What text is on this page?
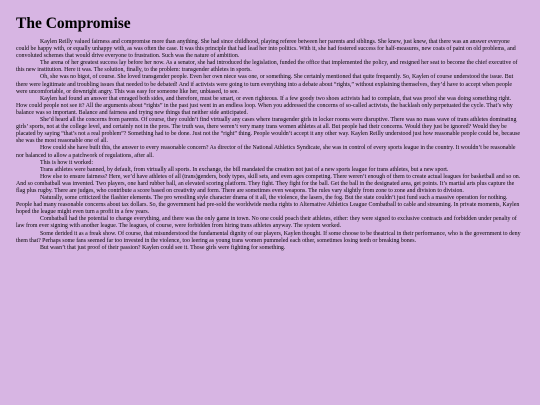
The Compromise

Kaylen Reilly valued fairness and compromise more than anything. She had since childhood, playing referee between her parents and siblings. She knew, just knew, that there was an answer everyone could be happy with, or equally unhappy with, as was often the case. It was this principle that had lead her into politics. With it, she had fostered success for half-measures, new coats of paint on old problems, and convoluted schemes that would drive everyone to frustration. Such was the nature of ambition.

The arena of her greatest success lay before her now. As a senator, she had introduced the legislation, funded the office that implemented the policy, and resigned her seat to become the chief executive of this new institution. Here it was. The solution, finally, to the problem: transgender athletes in sports.

Oh, she was no bigot, of course. She loved transgender people. Even her own niece was one, or something. She certainly mentioned that quite frequently. So, Kaylen of course understood the issue. But there were legitimate and troubling issues that needed to be debated! And if activists were going to turn everything into a debate about “rights,” without explaining themselves, they’d have to accept when people were uncomfortable, or downright angry. This was easy for someone like her, unbiased, to see.

Kaylen had found an answer that enraged both sides, and therefore, must be smart, or even righteous. If a few goody two shoes activists had to complain, that was proof she was doing something right. How could people not see it? All the arguments about “rights” in the past just went in an endless loop. When you addressed the concerns of so-called activists, the backlash only perpetuated the cycle. That’s why balance was so important. Balance and fairness and trying new things that neither side anticipated.

She’d heard all the concerns from parents. Of course, they couldn’t find virtually any cases where transgender girls in locker rooms were disruptive. There was no mass wave of trans athletes dominating girls’ sports, not at the college level, and certainly not in the pros. The truth was, there weren’t very many trans women athletes at all. But people had their concerns. Would they just be ignored? Would they be placated by saying “that’s not a real problem”? Something had to be done. Just not the “right” thing. People wouldn’t accept it any other way. Kaylen Reilly understood just how reasonable people could be, because she was the most reasonable one of all.

How could she have built this, the answer to every reasonable concern? As director of the National Athletics Syndicate, she was in control of every sports league in the country. It wouldn’t be reasonable nor balanced to allow a patchwork of regulations, after all.

This is how it worked:

Trans athletes were banned, by default, from virtually all sports. In exchange, the bill mandated the creation not just of a new sports league for trans athletes, but a new sport.

How else to ensure fairness? Here, we’d have athletes of all (trans)genders, body types, skill sets, and even ages competing. There weren’t enough of them to create actual leagues for basketball and so on. And so combatball was invented. Two players, one hard rubber ball, an elevated scoring platform. They fight. They fight for the ball. Get the ball in the designated area, get points. It’s martial arts plus capture the flag plus rugby. There are judges, who contribute a score based on creativity and form. There are sometimes even weapons. The rules vary slightly from zone to zone and division to division.

Naturally, some criticized the flashier elements. The pro wrestling style character drama of it all, the violence, the lasers, the fog. But the state couldn’t just fund such a massive operation for nothing. People had many reasonable concerns about tax dollars. So, the government had pre-sold the worldwide media rights to Alternative Athletics League Combatball to cable and streaming. In private moments, Kaylen hoped the league might even turn a profit in a few years.

Combatball had the potential to change everything, and there was the only game in town. No one could poach their athletes, either: they were signed to exclusive contracts and forbidden under penalty of law from ever signing with another league. The leagues, of course, were forbidden from hiring trans athletes anyway. The system worked.

Some derided it as a freak show. Of course, that misunderstood the fundamental dignity of our players, Kaylen thought. If some choose to be theatrical in their performance, who is the government to deny them that? Perhaps some fans seemed far too invested in the violence, too leering as young trans women pummeled each other, sometimes losing teeth or breaking bones.

But wasn’t that just proof of their passion? Kaylen could see it. Those girls were fighting for something.
